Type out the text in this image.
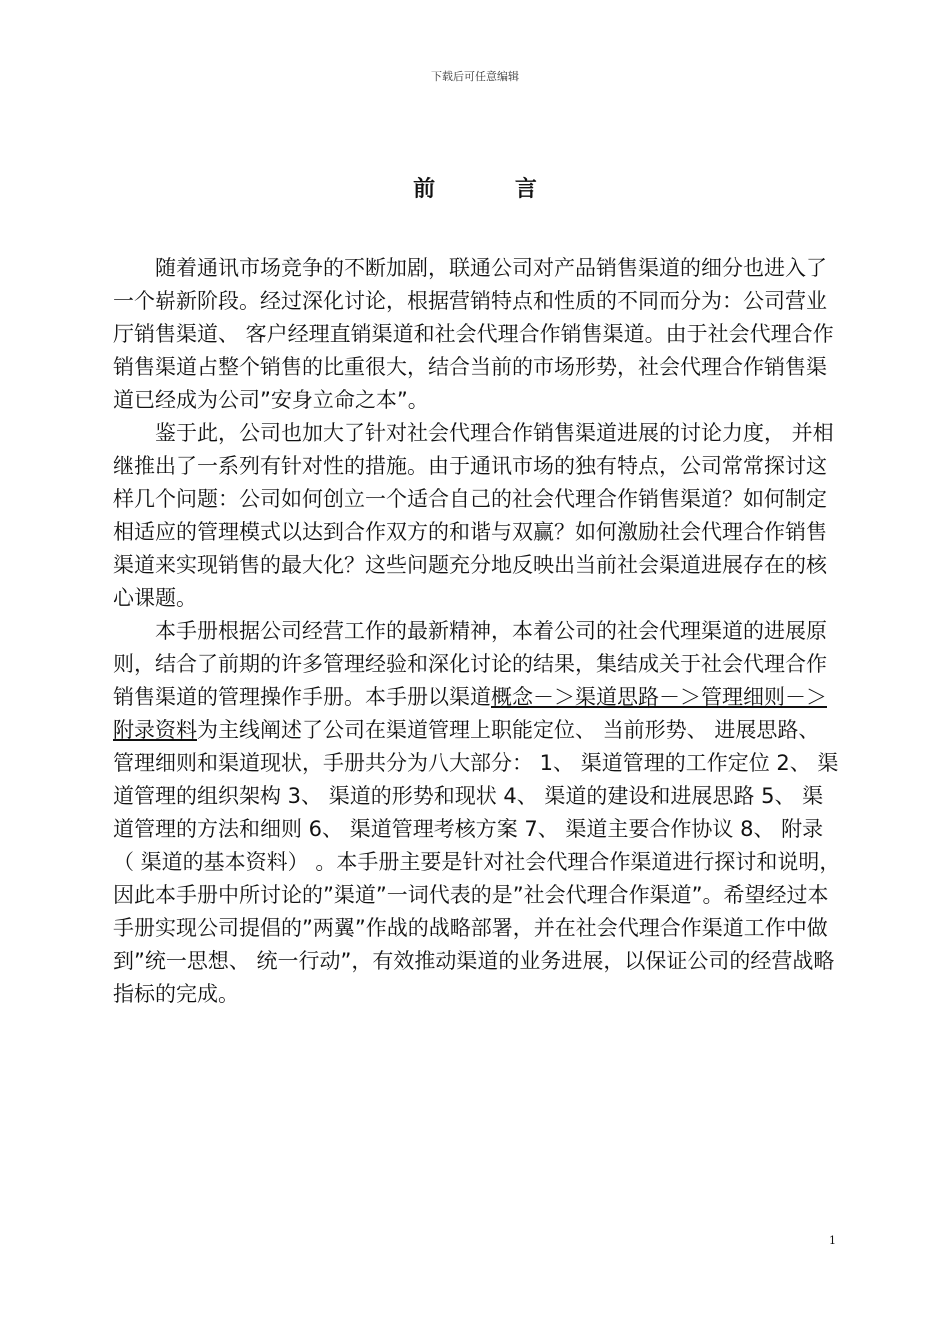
下载后可任意编辑
前 言

随着通讯市场竞争的不断加剧，联通公司对产品销售渠道的细分也进入了一个崭新阶段。经过深化讨论，根据营销特点和性质的不同而分为：公司营业厅销售渠道、 客户经理直销渠道和社会代理合作销售渠道。由于社会代理合作销售渠道占整个销售的比重很大，结合当前的市场形势，社会代理合作销售渠道已经成为公司”安身立命之本”。

鉴于此，公司也加大了针对社会代理合作销售渠道进展的讨论力度， 并相继推出了一系列有针对性的措施。由于通讯市场的独有特点，公司常常探讨这样几个问题：公司如何创立一个适合自己的社会代理合作销售渠道？如何制定相适应的管理模式以达到合作双方的和谐与双赢？如何激励社会代理合作销售渠道来实现销售的最大化？这些问题充分地反映出当前社会渠道进展存在的核心课题。

本手册根据公司经营工作的最新精神，本着公司的社会代理渠道的进展原则，结合了前期的许多管理经验和深化讨论的结果，集结成关于社会代理合作销售渠道的管理操作手册。本手册以渠道概念－＞渠道思路－＞管理细则－＞附录资料为主线阐述了公司在渠道管理上职能定位、 当前形势、 进展思路、 管理细则和渠道现状，手册共分为八大部分： 1、 渠道管理的工作定位 2、 渠道管理的组织架构 3、 渠道的形势和现状 4、 渠道的建设和进展思路 5、 渠道管理的方法和细则 6、 渠道管理考核方案 7、 渠道主要合作协议 8、 附录（ 渠道的基本资料） 。本手册主要是针对社会代理合作渠道进行探讨和说明，因此本手册中所讨论的”渠道”一词代表的是”社会代理合作渠道”。希望经过本手册实现公司提倡的”两翼”作战的战略部署，并在社会代理合作渠道工作中做到”统一思想、 统一行动”，有效推动渠道的业务进展，以保证公司的经营战略指标的完成。

1
